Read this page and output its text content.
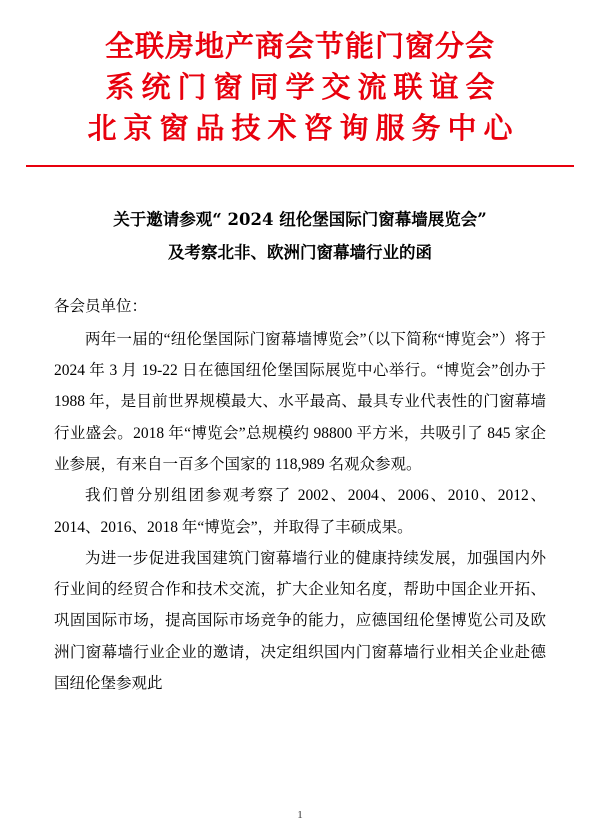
全联房地产商会节能门窗分会
系统门窗同学交流联谊会
北京窗品技术咨询服务中心
关于邀请参观“ 2024 纽伦堡国际门窗幕墙展览会”
及考察北非、欧洲门窗幕墙行业的函

各会员单位：

两年一届的“纽伦堡国际门窗幕墙博览会”（以下简称“博览会”）将于 2024 年 3 月 19-22 日在德国纽伦堡国际展览中心举行。“博览会”创办于 1988 年，是目前世界规模最大、水平最高、最具专业代表性的门窗幕墙行业盛会。2018 年“博览会”总规模约 98800 平方米，共吸引了 845 家企业参展，有来自一百多个国家的 118,989 名观众参观。

我们曾分别组团参观考察了 2002、2004、2006、2010、2012、2014、2016、2018 年“博览会”，并取得了丰硕成果。

为进一步促进我国建筑门窗幕墙行业的健康持续发展，加强国内外行业间的经贸合作和技术交流，扩大企业知名度，帮助中国企业开拓、巩固国际市场，提高国际市场竞争的能力，应德国纽伦堡博览公司及欧洲门窗幕墙行业企业的邀请，决定组织国内门窗幕墙行业相关企业赴德国纽伦堡参观此

1
